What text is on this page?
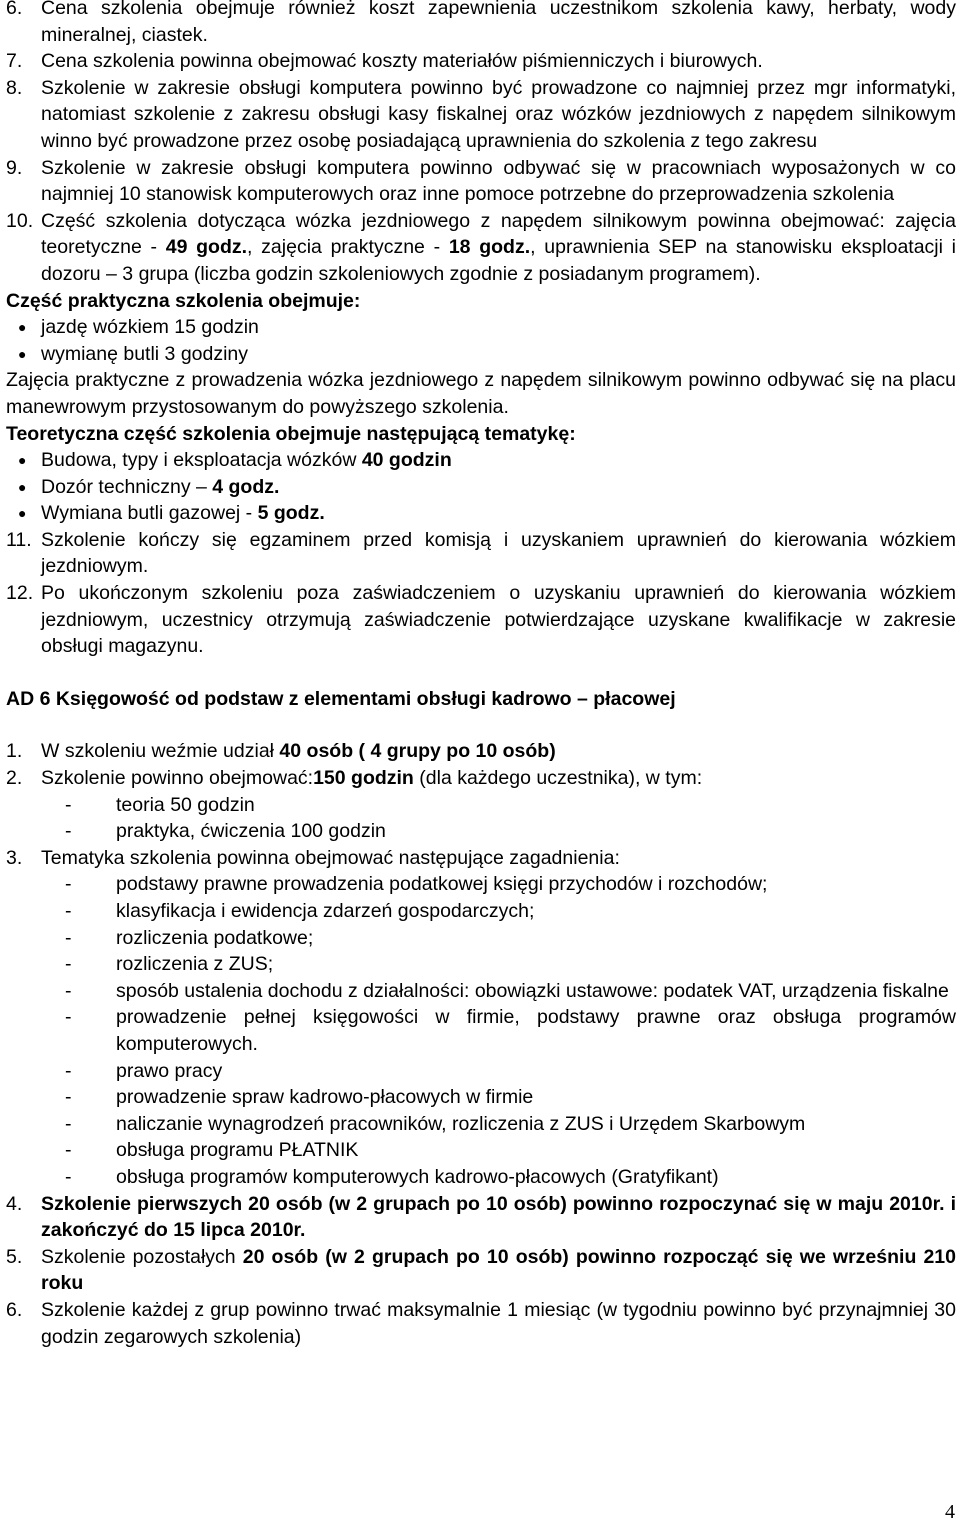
6. Cena szkolenia obejmuje również koszt zapewnienia uczestnikom szkolenia kawy, herbaty, wody mineralnej, ciastek.
7. Cena szkolenia powinna obejmować koszty materiałów piśmienniczych i biurowych.
8. Szkolenie w zakresie obsługi komputera powinno być prowadzone co najmniej przez mgr informatyki, natomiast szkolenie z zakresu obsługi kasy fiskalnej oraz wózków jezdniowych z napędem silnikowym winno być prowadzone przez osobę posiadającą uprawnienia do szkolenia z tego zakresu
9. Szkolenie w zakresie obsługi komputera powinno odbywać się w pracowniach wyposażonych w co najmniej 10 stanowisk komputerowych oraz inne pomoce potrzebne do przeprowadzenia szkolenia
10. Część szkolenia dotycząca wózka jezdniowego z napędem silnikowym powinna obejmować: zajęcia teoretyczne - 49 godz., zajęcia praktyczne - 18 godz., uprawnienia SEP na stanowisku eksploatacji i dozoru – 3 grupa (liczba godzin szkoleniowych zgodnie z posiadanym programem).
Część praktyczna szkolenia obejmuje:
● jazdę wózkiem 15 godzin
● wymianę butli 3 godziny
Zajęcia praktyczne z prowadzenia wózka jezdniowego z napędem silnikowym powinno odbywać się na placu manewrowym przystosowanym do powyższego szkolenia.
Teoretyczna część szkolenia obejmuje następującą tematykę:
● Budowa, typy i eksploatacja wózków 40 godzin
● Dozór techniczny – 4 godz.
● Wymiana butli gazowej - 5 godz.
11. Szkolenie kończy się egzaminem przed komisją i uzyskaniem uprawnień do kierowania wózkiem jezdniowym.
12. Po ukończonym szkoleniu poza zaświadczeniem o uzyskaniu uprawnień do kierowania wózkiem jezdniowym, uczestnicy otrzymują zaświadczenie potwierdzające uzyskane kwalifikacje w zakresie obsługi magazynu.
AD 6 Księgowość od podstaw z elementami obsługi kadrowo – płacowej
1. W szkoleniu weźmie udział 40 osób ( 4 grupy po 10 osób)
2. Szkolenie powinno obejmować:150 godzin (dla każdego uczestnika), w tym:
- teoria 50 godzin
- praktyka, ćwiczenia 100 godzin
3. Tematyka szkolenia powinna obejmować następujące zagadnienia:
- podstawy prawne prowadzenia podatkowej księgi przychodów i rozchodów;
- klasyfikacja i ewidencja zdarzeń gospodarczych;
- rozliczenia podatkowe;
- rozliczenia z ZUS;
- sposób ustalenia dochodu z działalności: obowiązki ustawowe: podatek VAT, urządzenia fiskalne
- prowadzenie pełnej księgowości w firmie, podstawy prawne oraz obsługa programów komputerowych.
- prawo pracy
- prowadzenie spraw kadrowo-płacowych w firmie
- naliczanie wynagrodzeń pracowników, rozliczenia z ZUS i Urzędem Skarbowym
- obsługa programu PŁATNIK
- obsługa programów komputerowych kadrowo-płacowych (Gratyfikant)
4. Szkolenie pierwszych 20 osób (w 2 grupach po 10 osób) powinno rozpoczynać się w maju 2010r. i zakończyć do 15 lipca 2010r.
5. Szkolenie pozostałych 20 osób (w 2 grupach po 10 osób) powinno rozpocząć się we wrześniu 210 roku
6. Szkolenie każdej z grup powinno trwać maksymalnie 1 miesiąc (w tygodniu powinno być przynajmniej 30 godzin zegarowych szkolenia)
4
